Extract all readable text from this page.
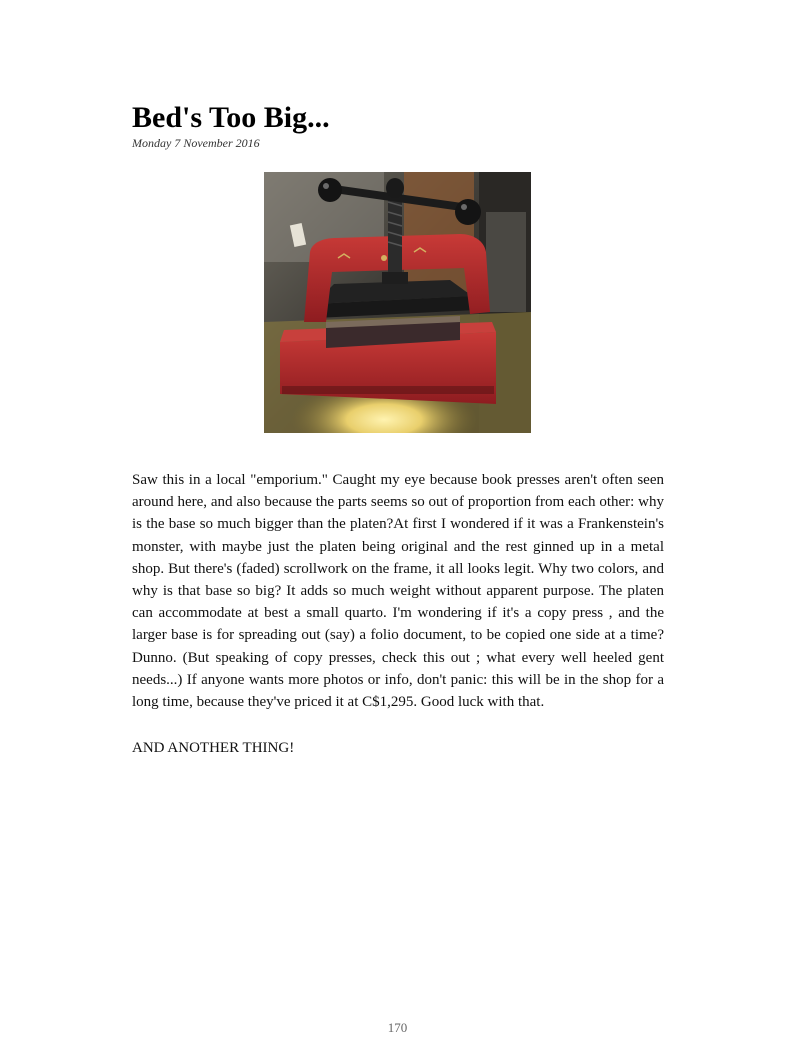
Bed's Too Big...

Monday 7 November 2016

Saw this in a local "emporium." Caught my eye because book presses aren't often seen around here, and also because the parts seems so out of proportion from each other: why is the base so much bigger than the platen?At first I wondered if it was a Frankenstein's monster, with maybe just the platen being original and the rest ginned up in a metal shop. But there's (faded) scrollwork on the frame, it all looks legit. Why two colors, and why is that base so big? It adds so much weight without apparent purpose. The platen can accommodate at best a small quarto. I'm wondering if it's a copy press , and the larger base is for spreading out (say) a folio document, to be copied one side at a time? Dunno. (But speaking of copy presses, check this out ; what every well heeled gent needs...) If anyone wants more photos or info, don't panic: this will be in the shop for a long time, because they've priced it at C$1,295. Good luck with that.

AND ANOTHER THING!

170
